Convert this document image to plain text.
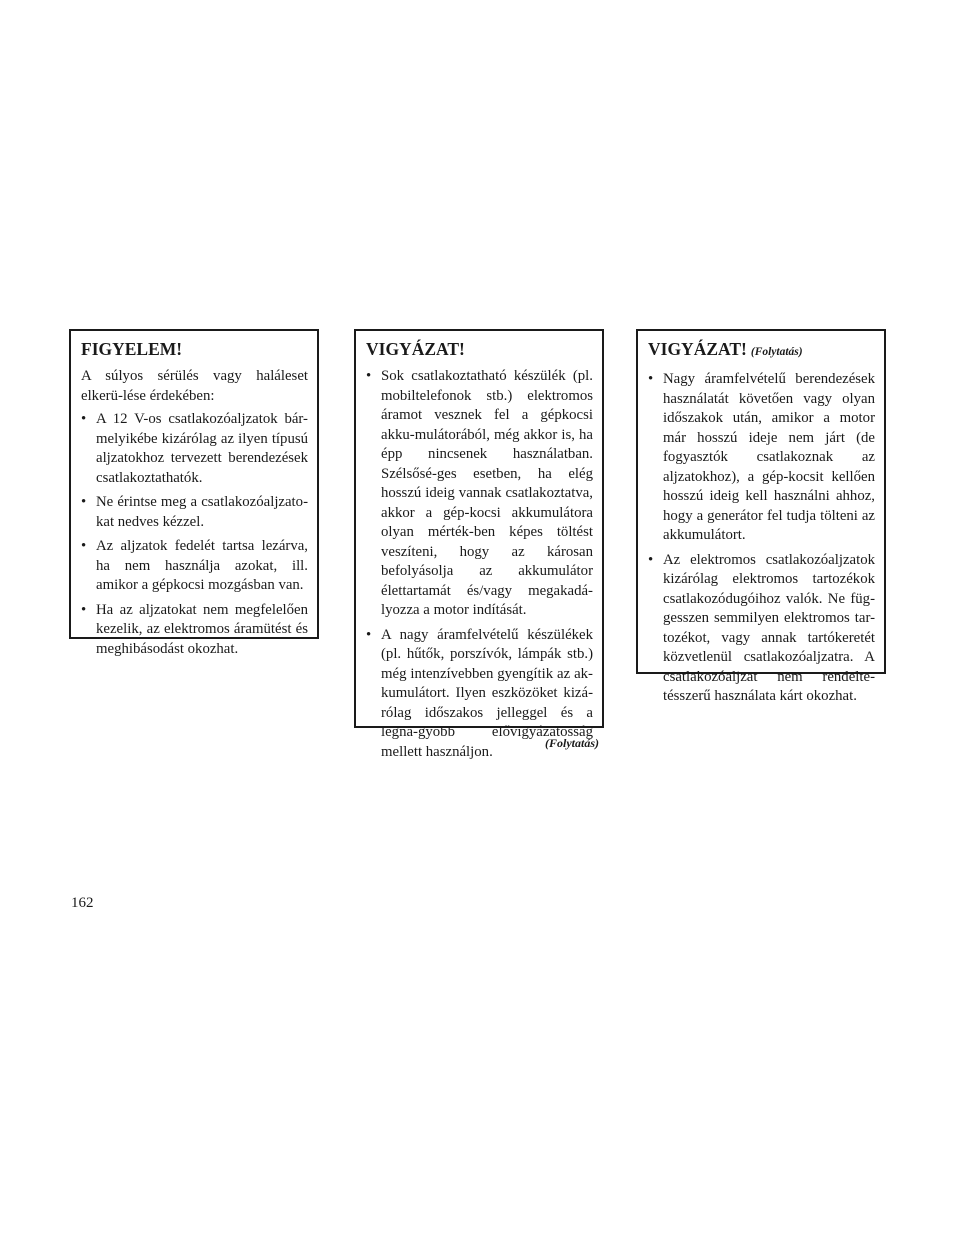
FIGYELEM!
A súlyos sérülés vagy haláleset elkerü-lése érdekében:
• A 12 V-os csatlakozóaljzatok bár-melyikébe kizárólag az ilyen típusú aljzatokhoz tervezett berendezések csatlakoztathatók.
• Ne érintse meg a csatlakozóaljzato-kat nedves kézzel.
• Az aljzatok fedelét tartsa lezárva, ha nem használja azokat, ill. amikor a gépkocsi mozgásban van.
• Ha az aljzatokat nem megfelelően kezelik, az elektromos áramütést és meghibásodást okozhat.
VIGYÁZAT!
• Sok csatlakoztatható készülék (pl. mobiltelefonok stb.) elektromos áramot vesznek fel a gépkocsi akku-mulátorából, még akkor is, ha épp nincsenek használatban. Szélsősé-ges esetben, ha elég hosszú ideig vannak csatlakoztatva, akkor a gép-kocsi akkumulátora olyan mérték-ben képes töltést veszíteni, hogy az károsan befolyásolja az akkumulátor élettartamát és/vagy megakadá-lyozza a motor indítását.
• A nagy áramfelvételű készülékek (pl. hűtők, porszívók, lámpák stb.) még intenzívebben gyengítik az ak-kumulátort. Ilyen eszközöket kizá-rólag időszakos jelleggel és a legna-gyobb elővigyázatosság mellett használjon.
(Folytatás)
VIGYÁZAT! (Folytatás)
• Nagy áramfelvételű berendezések használatát követően vagy olyan időszakok után, amikor a motor már hosszú ideje nem járt (de fogyasztók csatlakoznak az aljzatokhoz), a gép-kocsit kellően hosszú ideig kell használni ahhoz, hogy a generátor fel tudja tölteni az akkumulátort.
• Az elektromos csatlakozóaljzatok kizárólag elektromos tartozékok csatlakozódugóihoz valók. Ne füg-gesszen semmilyen elektromos tar-tozékot, vagy annak tartókeretét közvetlenül csatlakozóaljzatra. A csatlakozóaljzat nem rendelte-tésszerű használata kárt okozhat.
162
